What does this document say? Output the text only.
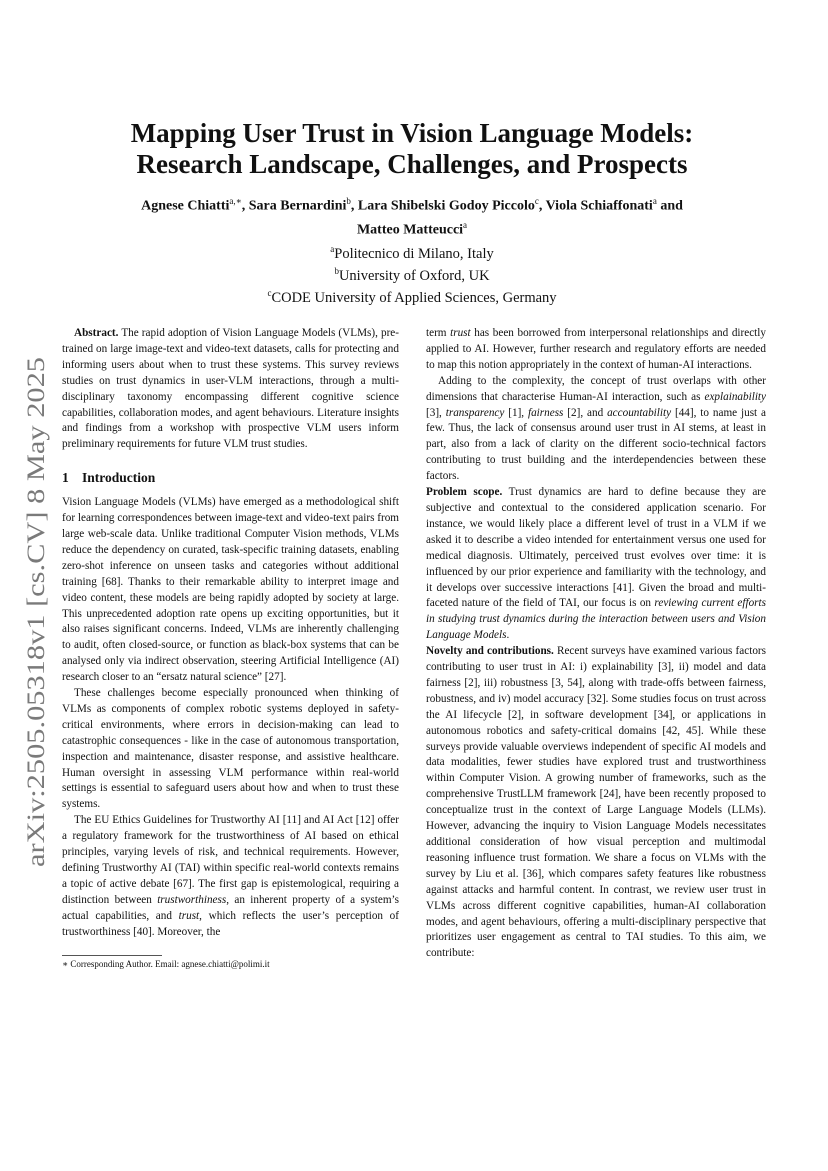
arXiv:2505.05318v1 [cs.CV] 8 May 2025
Mapping User Trust in Vision Language Models:
Research Landscape, Challenges, and Prospects

Agnese Chiatti$^{a,∗}$, Sara Bernardini$^b$, Lara Shibelski Godoy Piccolo$^c$, Viola Schiaffonati$^a$ and
Matteo Matteucci$^a$

$^a$Politecnico di Milano, Italy
$^b$University of Oxford, UK
$^c$CODE University of Applied Sciences, Germany

Abstract. The rapid adoption of Vision Language Models (VLMs), pre-trained on large image-text and video-text datasets, calls for protecting and informing users about when to trust these systems. This survey reviews studies on trust dynamics in user-VLM interactions, through a multi-disciplinary taxonomy encompassing different cognitive science capabilities, collaboration modes, and agent behaviours. Literature insights and findings from a workshop with prospective VLM users inform preliminary requirements for future VLM trust studies.

1 Introduction

Vision Language Models (VLMs) have emerged as a methodological shift for learning correspondences between image-text and video-text pairs from large web-scale data. Unlike traditional Computer Vision methods, VLMs reduce the dependency on curated, task-specific training datasets, enabling zero-shot inference on unseen tasks and categories without additional training [68]. Thanks to their remarkable ability to interpret image and video content, these models are being rapidly adopted by society at large. This unprecedented adoption rate opens up exciting opportunities, but it also raises significant concerns. Indeed, VLMs are inherently challenging to audit, often closed-source, or function as black-box systems that can be analysed only via indirect observation, steering Artificial Intelligence (AI) research closer to an “ersatz natural science” [27].

These challenges become especially pronounced when thinking of VLMs as components of complex robotic systems deployed in safety-critical environments, where errors in decision-making can lead to catastrophic consequences - like in the case of autonomous transportation, inspection and maintenance, disaster response, and assistive healthcare. Human oversight in assessing VLM performance within real-world settings is essential to safeguard users about how and when to trust these systems.

The EU Ethics Guidelines for Trustworthy AI [11] and AI Act [12] offer a regulatory framework for the trustworthiness of AI based on ethical principles, varying levels of risk, and technical requirements. However, defining Trustworthy AI (TAI) within specific real-world contexts remains a topic of active debate [67]. The first gap is epistemological, requiring a distinction between trustworthiness, an inherent property of a system’s actual capabilities, and trust, which reflects the user’s perception of trustworthiness [40]. Moreover, the

∗ Corresponding Author. Email: agnese.chiatti@polimi.it

term trust has been borrowed from interpersonal relationships and directly applied to AI. However, further research and regulatory efforts are needed to map this notion appropriately in the context of human-AI interactions.

Adding to the complexity, the concept of trust overlaps with other dimensions that characterise Human-AI interaction, such as explainability [3], transparency [1], fairness [2], and accountability [44], to name just a few. Thus, the lack of consensus around user trust in AI stems, at least in part, also from a lack of clarity on the different socio-technical factors contributing to trust building and the interdependencies between these factors.

Problem scope. Trust dynamics are hard to define because they are subjective and contextual to the considered application scenario. For instance, we would likely place a different level of trust in a VLM if we asked it to describe a video intended for entertainment versus one used for medical diagnosis. Ultimately, perceived trust evolves over time: it is influenced by our prior experience and familiarity with the technology, and it develops over successive interactions [41]. Given the broad and multi-faceted nature of the field of TAI, our focus is on reviewing current efforts in studying trust dynamics during the interaction between users and Vision Language Models.

Novelty and contributions. Recent surveys have examined various factors contributing to user trust in AI: i) explainability [3], ii) model and data fairness [2], iii) robustness [3, 54], along with trade-offs between fairness, robustness, and iv) model accuracy [32]. Some studies focus on trust across the AI lifecycle [2], in software development [34], or applications in autonomous robotics and safety-critical domains [42, 45]. While these surveys provide valuable overviews independent of specific AI models and data modalities, fewer studies have explored trust and trustworthiness within Computer Vision. A growing number of frameworks, such as the comprehensive TrustLLM framework [24], have been recently proposed to conceptualize trust in the context of Large Language Models (LLMs). However, advancing the inquiry to Vision Language Models necessitates additional consideration of how visual perception and multimodal reasoning influence trust formation. We share a focus on VLMs with the survey by Liu et al. [36], which compares safety features like robustness against attacks and harmful content. In contrast, we review user trust in VLMs across different cognitive capabilities, human-AI collaboration modes, and agent behaviours, offering a multi-disciplinary perspective that prioritizes user engagement as central to TAI studies. To this aim, we contribute:
